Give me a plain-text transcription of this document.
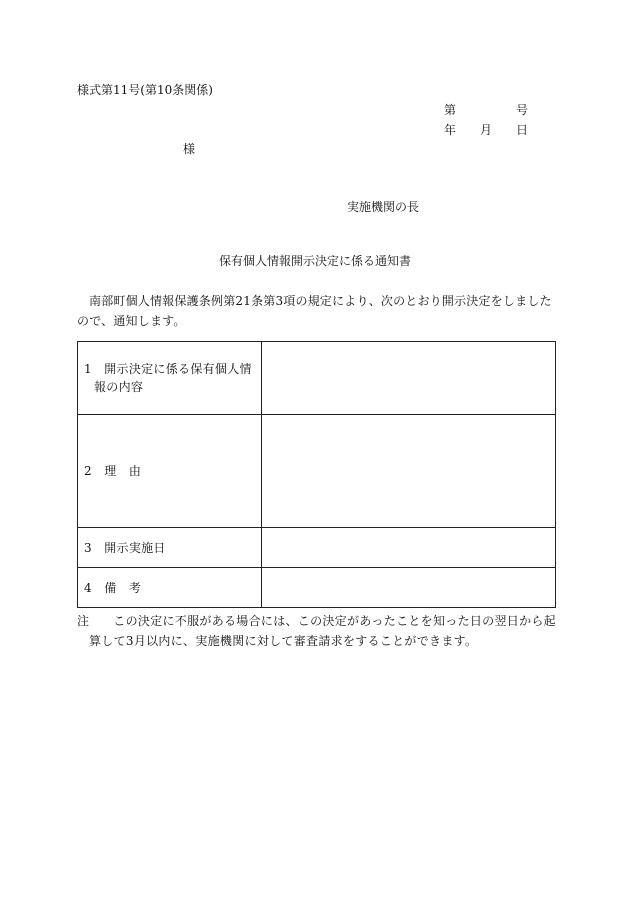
様式第11号(第10条関係)
第	号
年 月 日
様
実施機関の長
保有個人情報開示決定に係る通知書
南部町個人情報保護条例第21条第3項の規定により、次のとおり開示決定をしましたので、通知します。
1　開示決定に係る保有個人情報の内容	

2　理　由	

3　開示実施日	

4　備　考	

注 　この決定に不服がある場合には、この決定があったことを知った日の翌日から起算して3月以内に、実施機関に対して審査請求をすることができます。
